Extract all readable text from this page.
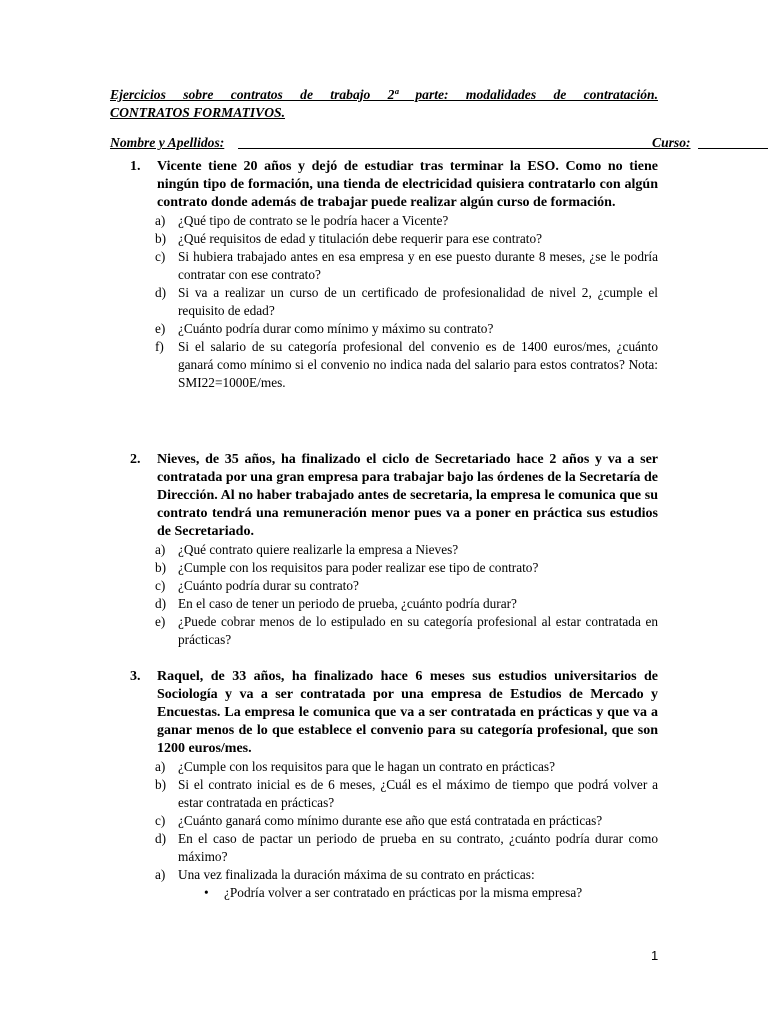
Ejercicios sobre contratos de trabajo 2ª parte: modalidades de contratación.
CONTRATOS FORMATIVOS.
Nombre y Apellidos:	Curso:
1. Vicente tiene 20 años y dejó de estudiar tras terminar la ESO. Como no tiene ningún tipo de formación, una tienda de electricidad quisiera contratarlo con algún contrato donde además de trabajar puede realizar algún curso de formación.
a) ¿Qué tipo de contrato se le podría hacer a Vicente?
b) ¿Qué requisitos de edad y titulación debe requerir para ese contrato?
c) Si hubiera trabajado antes en esa empresa y en ese puesto durante 8 meses, ¿se le podría contratar con ese contrato?
d) Si va a realizar un curso de un certificado de profesionalidad de nivel 2, ¿cumple el requisito de edad?
e) ¿Cuánto podría durar como mínimo y máximo su contrato?
f) Si el salario de su categoría profesional del convenio es de 1400 euros/mes, ¿cuánto ganará como mínimo si el convenio no indica nada del salario para estos contratos? Nota: SMI22=1000E/mes.
2. Nieves, de 35 años, ha finalizado el ciclo de Secretariado hace 2 años y va a ser contratada por una gran empresa para trabajar bajo las órdenes de la Secretaría de Dirección. Al no haber trabajado antes de secretaria, la empresa le comunica que su contrato tendrá una remuneración menor pues va a poner en práctica sus estudios de Secretariado.
a) ¿Qué contrato quiere realizarle la empresa a Nieves?
b) ¿Cumple con los requisitos para poder realizar ese tipo de contrato?
c) ¿Cuánto podría durar su contrato?
d) En el caso de tener un periodo de prueba, ¿cuánto podría durar?
e) ¿Puede cobrar menos de lo estipulado en su categoría profesional al estar contratada en prácticas?
3. Raquel, de 33 años, ha finalizado hace 6 meses sus estudios universitarios de Sociología y va a ser contratada por una empresa de Estudios de Mercado y Encuestas. La empresa le comunica que va a ser contratada en prácticas y que va a ganar menos de lo que establece el convenio para su categoría profesional, que son 1200 euros/mes.
a) ¿Cumple con los requisitos para que le hagan un contrato en prácticas?
b) Si el contrato inicial es de 6 meses, ¿Cuál es el máximo de tiempo que podrá volver a estar contratada en prácticas?
c) ¿Cuánto ganará como mínimo durante ese año que está contratada en prácticas?
d) En el caso de pactar un periodo de prueba en su contrato, ¿cuánto podría durar como máximo?
a) Una vez finalizada la duración máxima de su contrato en prácticas:
• ¿Podría volver a ser contratado en prácticas por la misma empresa?
1
